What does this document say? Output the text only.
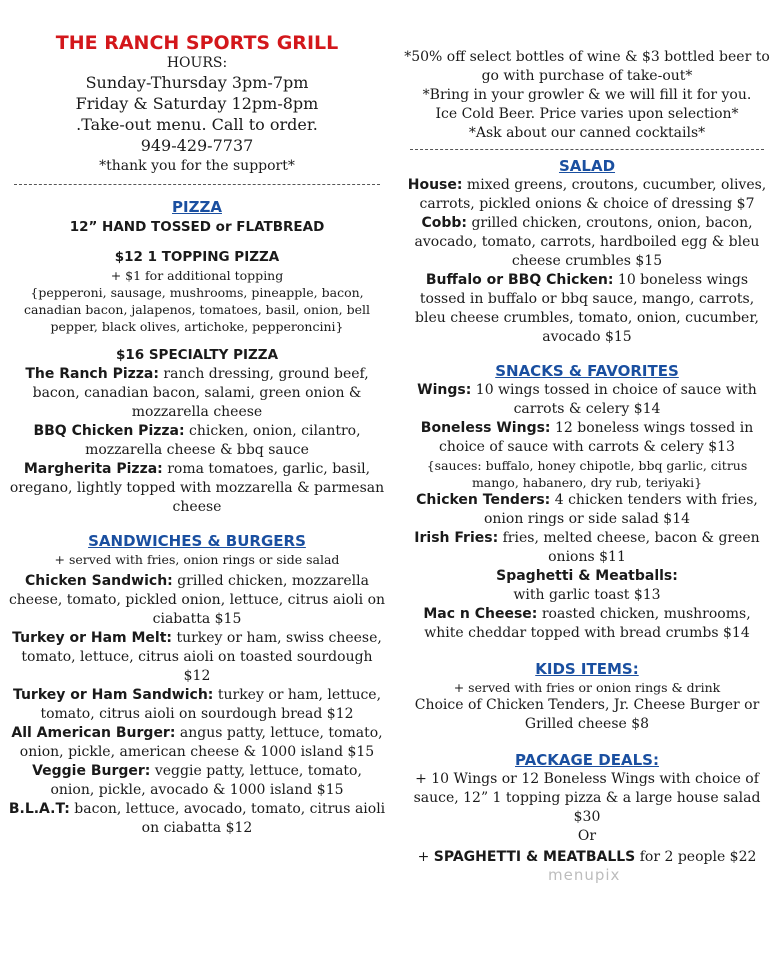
THE RANCH SPORTS GRILL
HOURS:
Sunday-Thursday 3pm-7pm
Friday & Saturday 12pm-8pm
.Take-out menu. Call to order.
949-429-7737
*thank you for the support*
PIZZA
12” HAND TOSSED or FLATBREAD
$12 1 TOPPING PIZZA
+ $1 for additional topping
{pepperoni, sausage, mushrooms, pineapple, bacon, canadian bacon, jalapenos, tomatoes, basil, onion, bell pepper, black olives, artichoke, pepperoncini}
$16 SPECIALTY PIZZA
The Ranch Pizza: ranch dressing, ground beef, bacon, canadian bacon, salami, green onion & mozzarella cheese
BBQ Chicken Pizza: chicken, onion, cilantro, mozzarella cheese & bbq sauce
Margherita Pizza: roma tomatoes, garlic, basil, oregano, lightly topped with mozzarella & parmesan cheese
SANDWICHES & BURGERS
+ served with fries, onion rings or side salad
Chicken Sandwich: grilled chicken, mozzarella cheese, tomato, pickled onion, lettuce, citrus aioli on ciabatta $15
Turkey or Ham Melt: turkey or ham, swiss cheese, tomato, lettuce, citrus aioli on toasted sourdough $12
Turkey or Ham Sandwich: turkey or ham, lettuce, tomato, citrus aioli on sourdough bread $12
All American Burger: angus patty, lettuce, tomato, onion, pickle, american cheese & 1000 island $15
Veggie Burger: veggie patty, lettuce, tomato, onion, pickle, avocado & 1000 island $15
B.L.A.T: bacon, lettuce, avocado, tomato, citrus aioli on ciabatta $12
*50% off select bottles of wine & $3 bottled beer to go with purchase of take-out*
*Bring in your growler & we will fill it for you.
Ice Cold Beer. Price varies upon selection*
*Ask about our canned cocktails*
SALAD
House: mixed greens, croutons, cucumber, olives, carrots, pickled onions & choice of dressing $7
Cobb: grilled chicken, croutons, onion, bacon, avocado, tomato, carrots, hardboiled egg & bleu cheese crumbles $15
Buffalo or BBQ Chicken: 10 boneless wings tossed in buffalo or bbq sauce, mango, carrots, bleu cheese crumbles, tomato, onion, cucumber, avocado $15
SNACKS & FAVORITES
Wings: 10 wings tossed in choice of sauce with carrots & celery $14
Boneless Wings: 12 boneless wings tossed in choice of sauce with carrots & celery $13
{sauces: buffalo, honey chipotle, bbq garlic, citrus mango, habanero, dry rub, teriyaki}
Chicken Tenders: 4 chicken tenders with fries, onion rings or side salad $14
Irish Fries: fries, melted cheese, bacon & green onions $11
Spaghetti & Meatballs:
with garlic toast $13
Mac n Cheese: roasted chicken, mushrooms, white cheddar topped with bread crumbs $14
KIDS ITEMS:
+ served with fries or onion rings & drink
Choice of Chicken Tenders, Jr. Cheese Burger or Grilled cheese $8
PACKAGE DEALS:
+ 10 Wings or 12 Boneless Wings with choice of sauce, 12” 1 topping pizza & a large house salad $30
Or
+ SPAGHETTI & MEATBALLS for 2 people $22
menupix
